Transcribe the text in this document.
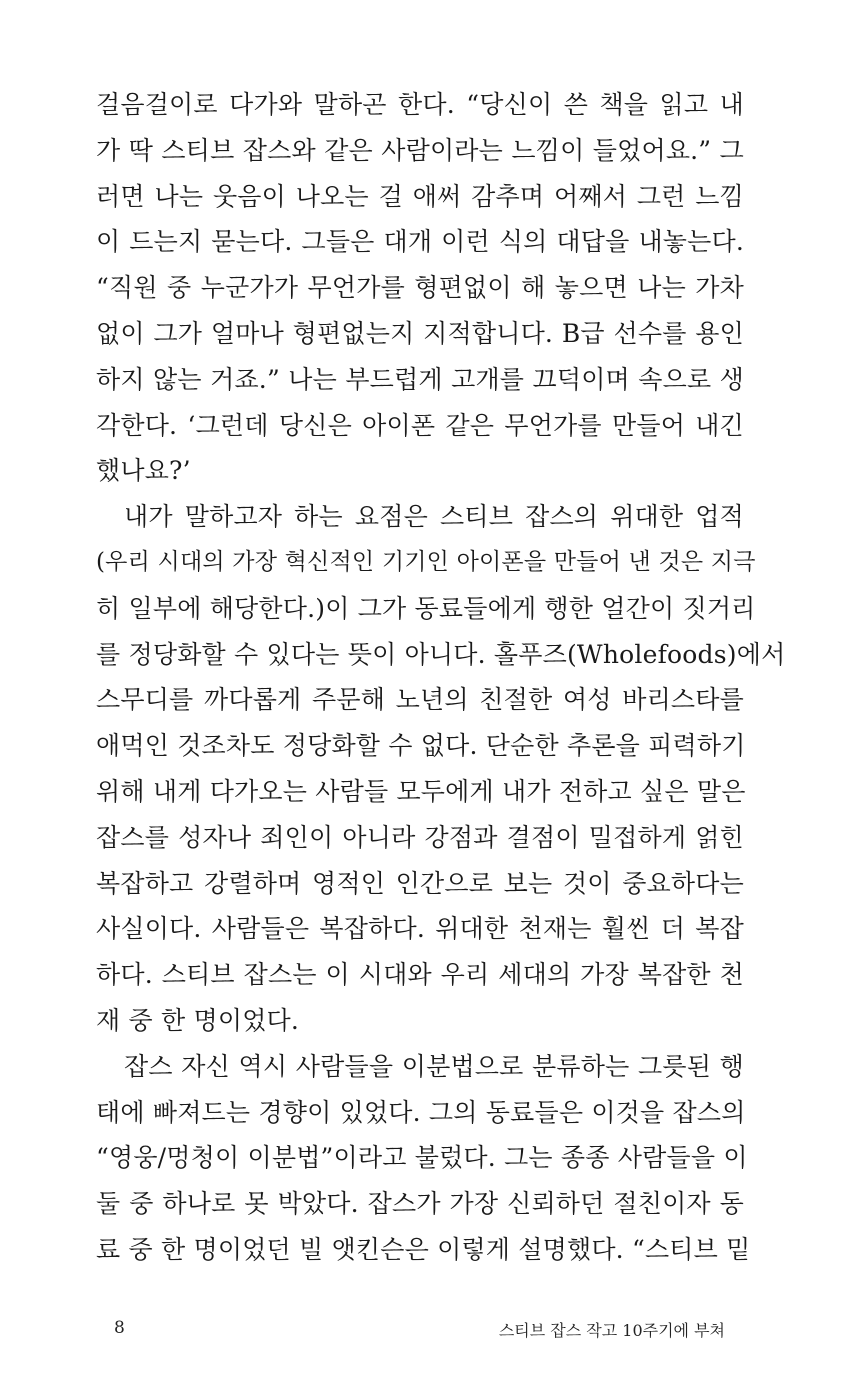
걸음걸이로 다가와 말하곤 한다. “당신이 쓴 책을 읽고 내
가 딱 스티브 잡스와 같은 사람이라는 느낌이 들었어요.” 그
러면 나는 웃음이 나오는 걸 애써 감추며 어째서 그런 느낌
이 드는지 묻는다. 그들은 대개 이런 식의 대답을 내놓는다.
“직원 중 누군가가 무언가를 형편없이 해 놓으면 나는 가차
없이 그가 얼마나 형편없는지 지적합니다. B급 선수를 용인
하지 않는 거죠.” 나는 부드럽게 고개를 끄덕이며 속으로 생
각한다. ‘그런데 당신은 아이폰 같은 무언가를 만들어 내긴
했나요?’
내가 말하고자 하는 요점은 스티브 잡스의 위대한 업적
(우리 시대의 가장 혁신적인 기기인 아이폰을 만들어 낸 것은 지극
히 일부에 해당한다.)이 그가 동료들에게 행한 얼간이 짓거리
를 정당화할 수 있다는 뜻이 아니다. 홀푸즈(Wholefoods)에서
스무디를 까다롭게 주문해 노년의 친절한 여성 바리스타를
애먹인 것조차도 정당화할 수 없다. 단순한 추론을 피력하기
위해 내게 다가오는 사람들 모두에게 내가 전하고 싶은 말은
잡스를 성자나 죄인이 아니라 강점과 결점이 밀접하게 얽힌
복잡하고 강렬하며 영적인 인간으로 보는 것이 중요하다는
사실이다. 사람들은 복잡하다. 위대한 천재는 훨씬 더 복잡
하다. 스티브 잡스는 이 시대와 우리 세대의 가장 복잡한 천
재 중 한 명이었다.
잡스 자신 역시 사람들을 이분법으로 분류하는 그릇된 행
태에 빠져드는 경향이 있었다. 그의 동료들은 이것을 잡스의
“영웅/멍청이 이분법”이라고 불렀다. 그는 종종 사람들을 이
둘 중 하나로 못 박았다. 잡스가 가장 신뢰하던 절친이자 동
료 중 한 명이었던 빌 앳킨슨은 이렇게 설명했다. “스티브 밑
8	스티브 잡스 작고 10주기에 부쳐
